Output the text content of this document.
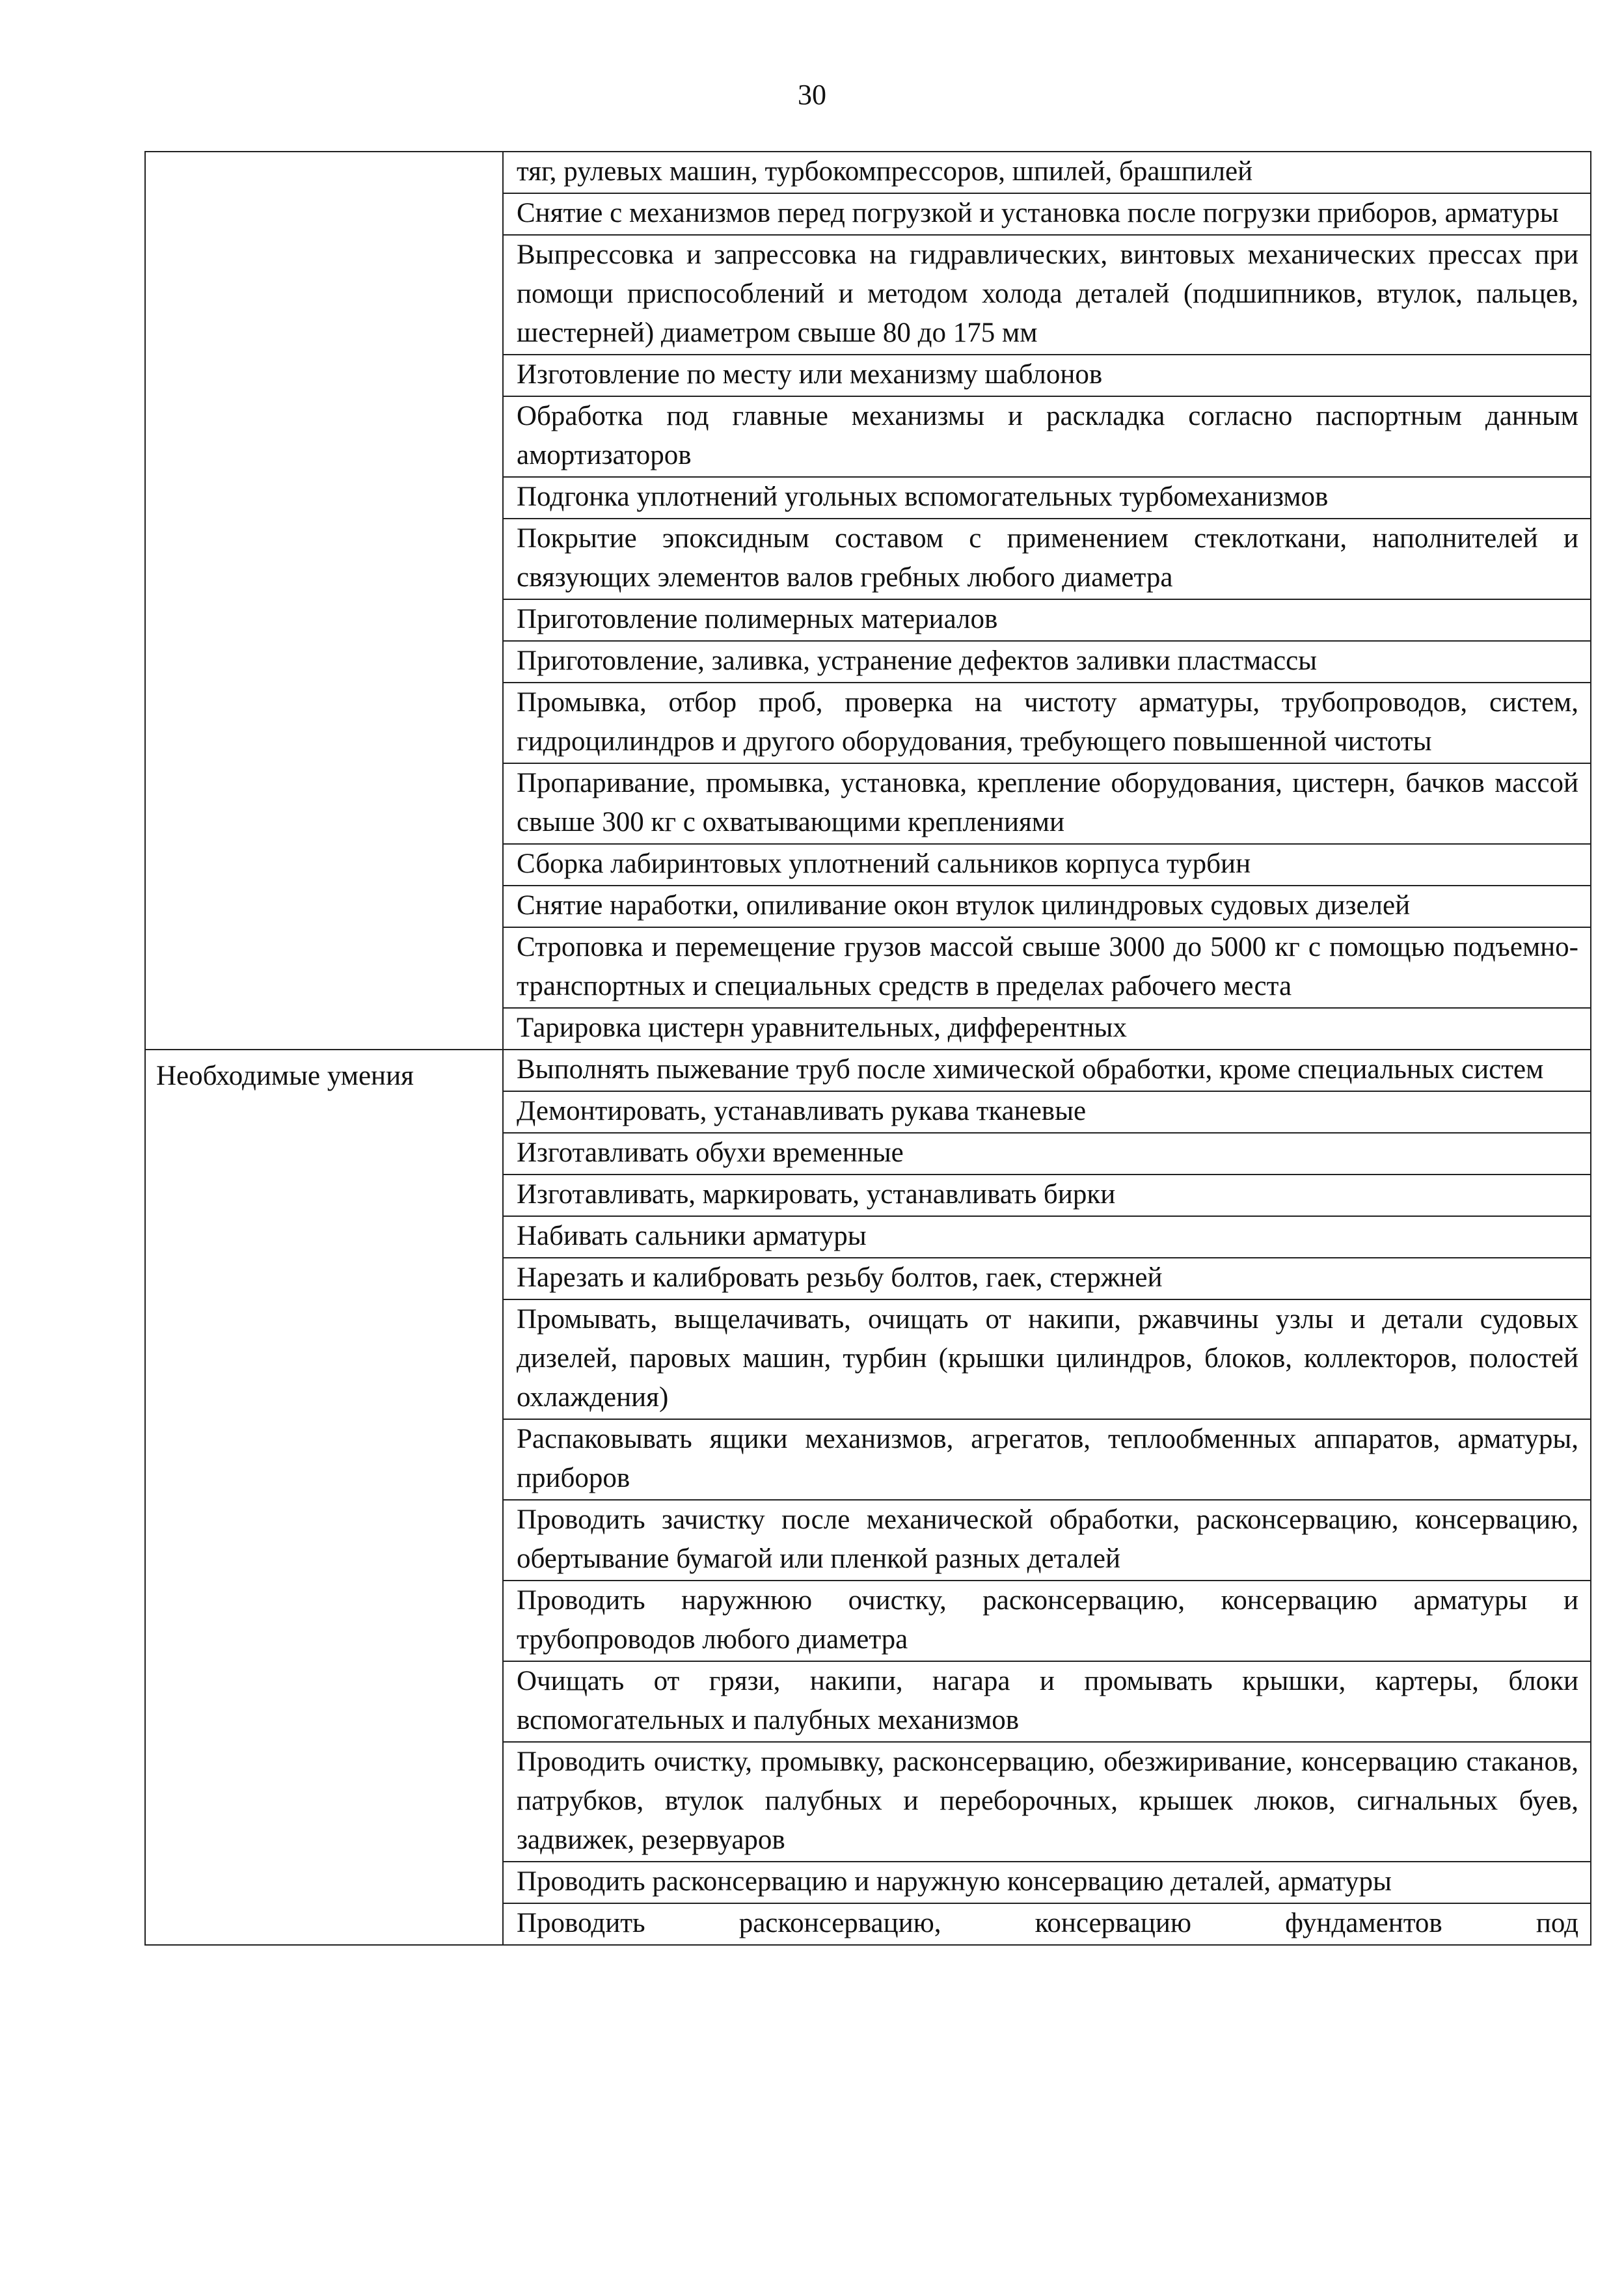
30
	тяг, рулевых машин, турбокомпрессоров, шпилей, брашпилей
	Снятие с механизмов перед погрузкой и установка после погрузки приборов, арматуры
	Выпрессовка и запрессовка на гидравлических, винтовых механических прессах при помощи приспособлений и методом холода деталей (подшипников, втулок, пальцев, шестерней) диаметром свыше 80 до 175 мм
	Изготовление по месту или механизму шаблонов
	Обработка под главные механизмы и раскладка согласно паспортным данным амортизаторов
	Подгонка уплотнений угольных вспомогательных турбомеханизмов
	Покрытие эпоксидным составом с применением стеклоткани, наполнителей и связующих элементов валов гребных любого диаметра
	Приготовление полимерных материалов
	Приготовление, заливка, устранение дефектов заливки пластмассы
	Промывка, отбор проб, проверка на чистоту арматуры, трубопроводов, систем, гидроцилиндров и другого оборудования, требующего повышенной чистоты
	Пропаривание, промывка, установка, крепление оборудования, цистерн, бачков массой свыше 300 кг с охватывающими креплениями
	Сборка лабиринтовых уплотнений сальников корпуса турбин
	Снятие наработки, опиливание окон втулок цилиндровых судовых дизелей
	Строповка и перемещение грузов массой свыше 3000 до 5000 кг с помощью подъемно-транспортных и специальных средств в пределах рабочего места
	Тарировка цистерн уравнительных, дифферентных
Необходимые умения	Выполнять пыжевание труб после химической обработки, кроме специальных систем
	Демонтировать, устанавливать рукава тканевые
	Изготавливать обухи временные
	Изготавливать, маркировать, устанавливать бирки
	Набивать сальники арматуры
	Нарезать и калибровать резьбу болтов, гаек, стержней
	Промывать, выщелачивать, очищать от накипи, ржавчины узлы и детали судовых дизелей, паровых машин, турбин (крышки цилиндров, блоков, коллекторов, полостей охлаждения)
	Распаковывать ящики механизмов, агрегатов, теплообменных аппаратов, арматуры, приборов
	Проводить зачистку после механической обработки, расконсервацию, консервацию, обертывание бумагой или пленкой разных деталей
	Проводить наружнюю очистку, расконсервацию, консервацию арматуры и трубопроводов любого диаметра
	Очищать от грязи, накипи, нагара и промывать крышки, картеры, блоки вспомогательных и палубных механизмов
	Проводить очистку, промывку, расконсервацию, обезжиривание, консервацию стаканов, патрубков, втулок палубных и переборочных, крышек люков, сигнальных буев, задвижек, резервуаров
	Проводить расконсервацию и наружную консервацию деталей, арматуры
	Проводить расконсервацию, консервацию фундаментов под
